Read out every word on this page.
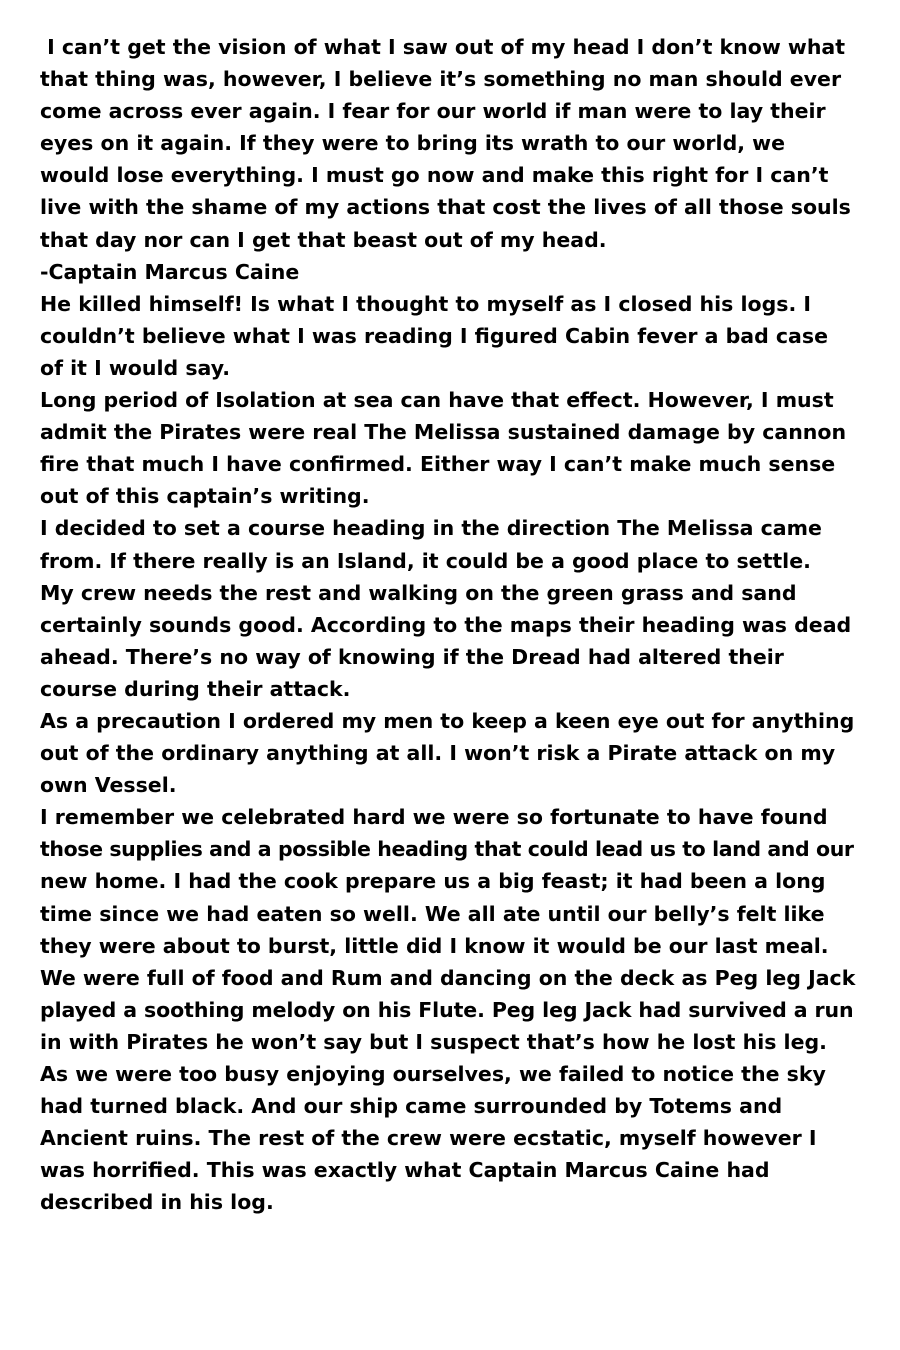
I can’t get the vision of what I saw out of my head I don’t know what
that thing was, however, I believe it’s something no man should ever
come across ever again. I fear for our world if man were to lay their
eyes on it again. If they were to bring its wrath to our world, we
would lose everything. I must go now and make this right for I can’t
live with the shame of my actions that cost the lives of all those souls
that day nor can I get that beast out of my head.
-Captain Marcus Caine
He killed himself! Is what I thought to myself as I closed his logs. I
couldn’t believe what I was reading I figured Cabin fever a bad case
of it I would say.
Long period of Isolation at sea can have that effect. However, I must
admit the Pirates were real The Melissa sustained damage by cannon
fire that much I have confirmed. Either way I can’t make much sense
out of this captain’s writing.
I decided to set a course heading in the direction The Melissa came
from. If there really is an Island, it could be a good place to settle.
My crew needs the rest and walking on the green grass and sand
certainly sounds good. According to the maps their heading was dead
ahead. There’s no way of knowing if the Dread had altered their
course during their attack.
As a precaution I ordered my men to keep a keen eye out for anything
out of the ordinary anything at all. I won’t risk a Pirate attack on my
own Vessel.
I remember we celebrated hard we were so fortunate to have found
those supplies and a possible heading that could lead us to land and our
new home. I had the cook prepare us a big feast; it had been a long
time since we had eaten so well. We all ate until our belly’s felt like
they were about to burst, little did I know it would be our last meal.
We were full of food and Rum and dancing on the deck as Peg leg Jack
played a soothing melody on his Flute. Peg leg Jack had survived a run
in with Pirates he won’t say but I suspect that’s how he lost his leg.
As we were too busy enjoying ourselves, we failed to notice the sky
had turned black. And our ship came surrounded by Totems and
Ancient ruins. The rest of the crew were ecstatic, myself however I
was horrified. This was exactly what Captain Marcus Caine had
described in his log.
